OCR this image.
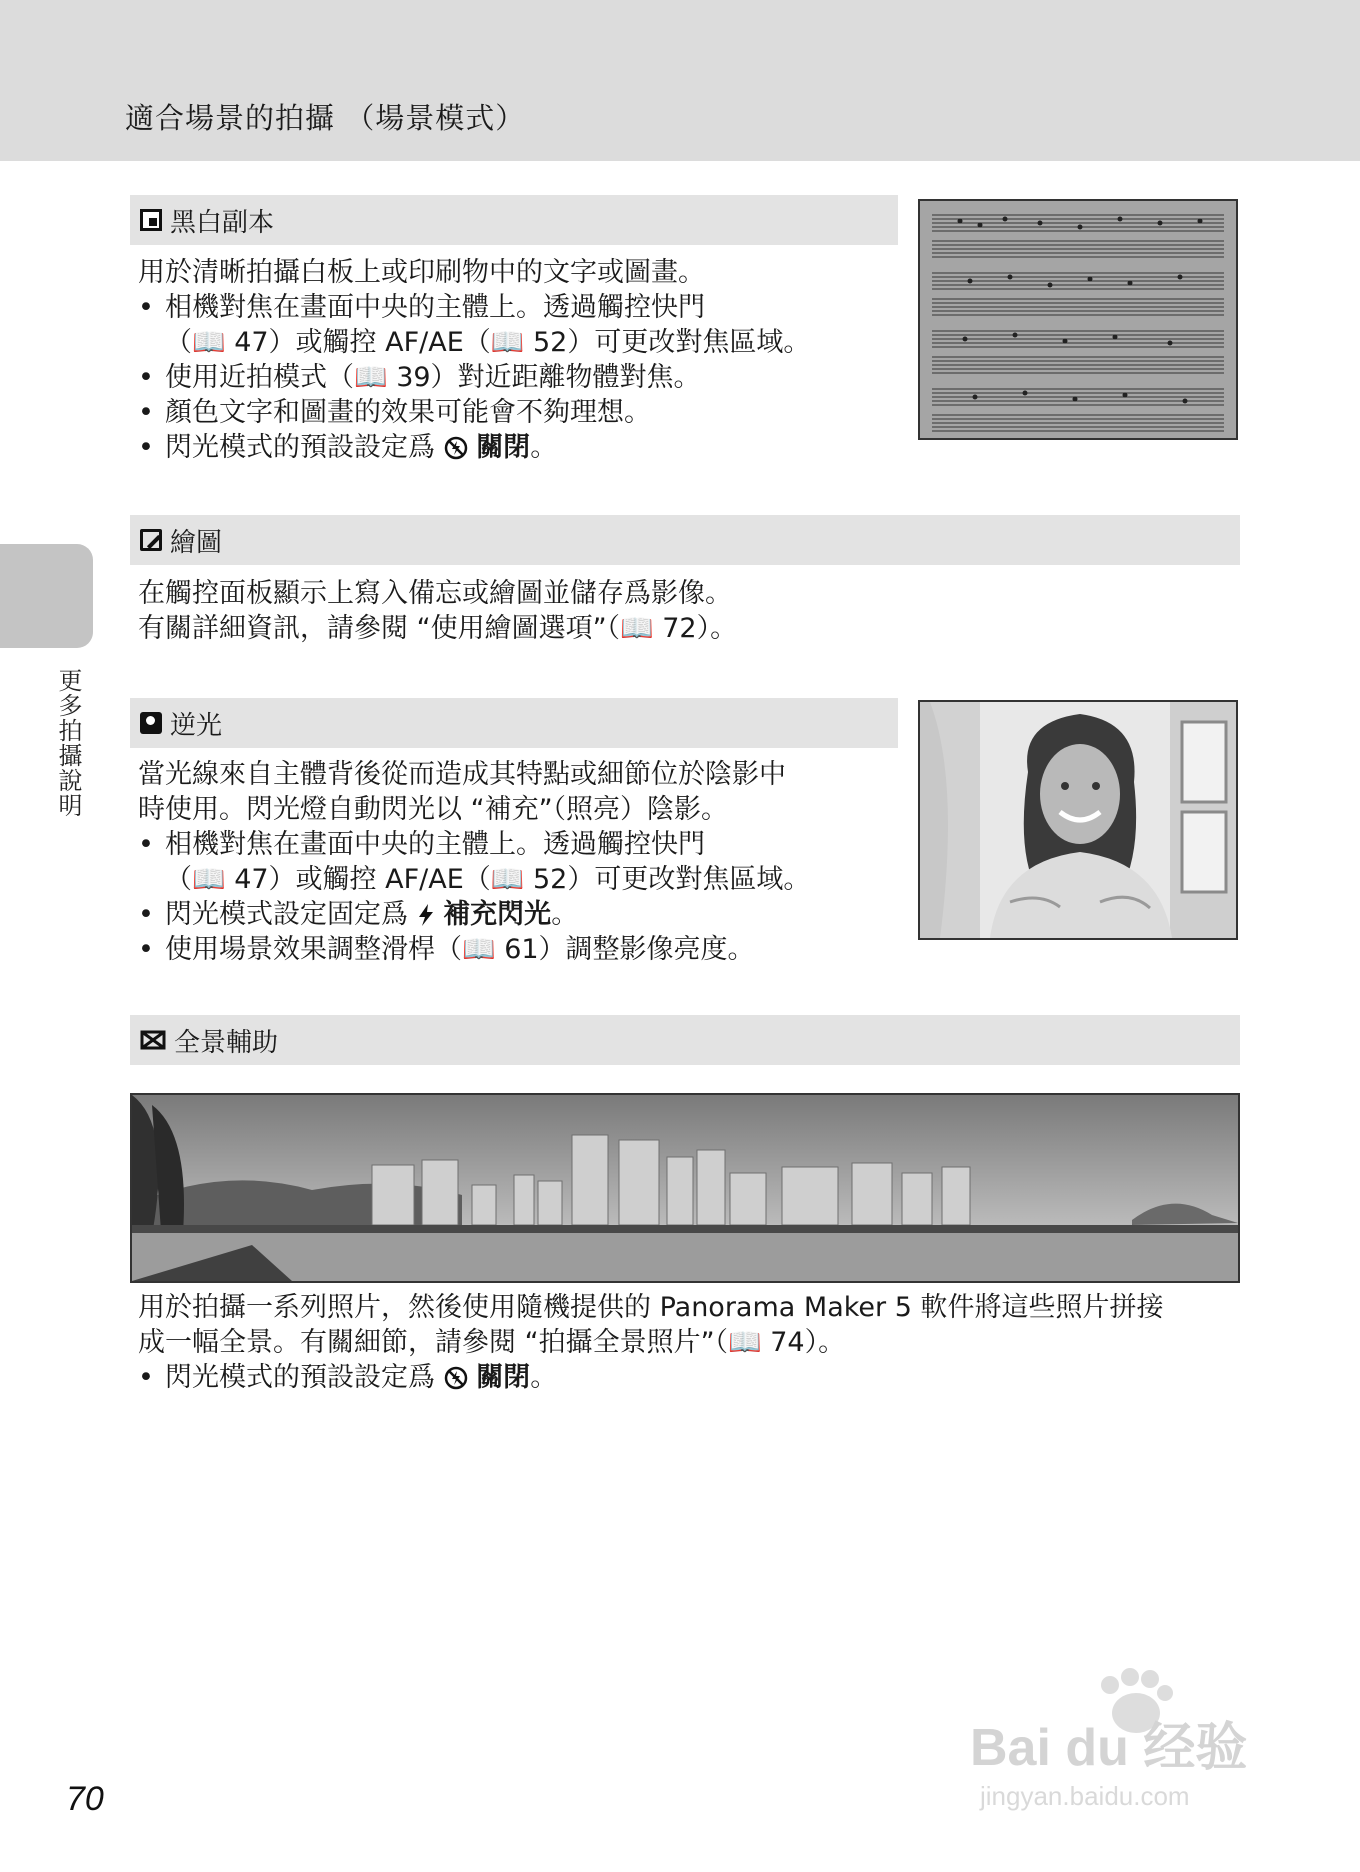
適合場景的拍攝 （場景模式）
更多拍攝說明
黑白副本

用於清晰拍攝白板上或印刷物中的文字或圖畫。

• 相機對焦在畫面中央的主體上。透過觸控快門
（📖 47）或觸控 AF/AE（📖 52）可更改對焦區域。
• 使用近拍模式（📖 39）對近距離物體對焦。
• 顏色文字和圖畫的效果可能會不夠理想。
• 閃光模式的預設設定爲 關閉。
繪圖

在觸控面板顯示上寫入備忘或繪圖並儲存爲影像。

有關詳細資訊，請參閱 “使用繪圖選項”（📖 72）。

逆光

當光線來自主體背後從而造成其特點或細節位於陰影中

時使用。閃光燈自動閃光以 “補充”（照亮）陰影。

• 相機對焦在畫面中央的主體上。透過觸控快門
（📖 47）或觸控 AF/AE（📖 52）可更改對焦區域。
• 閃光模式設定固定爲 補充閃光。
• 使用場景效果調整滑桿（📖 61）調整影像亮度。
全景輔助

用於拍攝一系列照片，然後使用隨機提供的 Panorama Maker 5 軟件將這些照片拼接

成一幅全景。有關細節，請參閱 “拍攝全景照片”（📖 74）。

• 閃光模式的預設設定爲 關閉。
70
Bai du 经验
jingyan.baidu.com
